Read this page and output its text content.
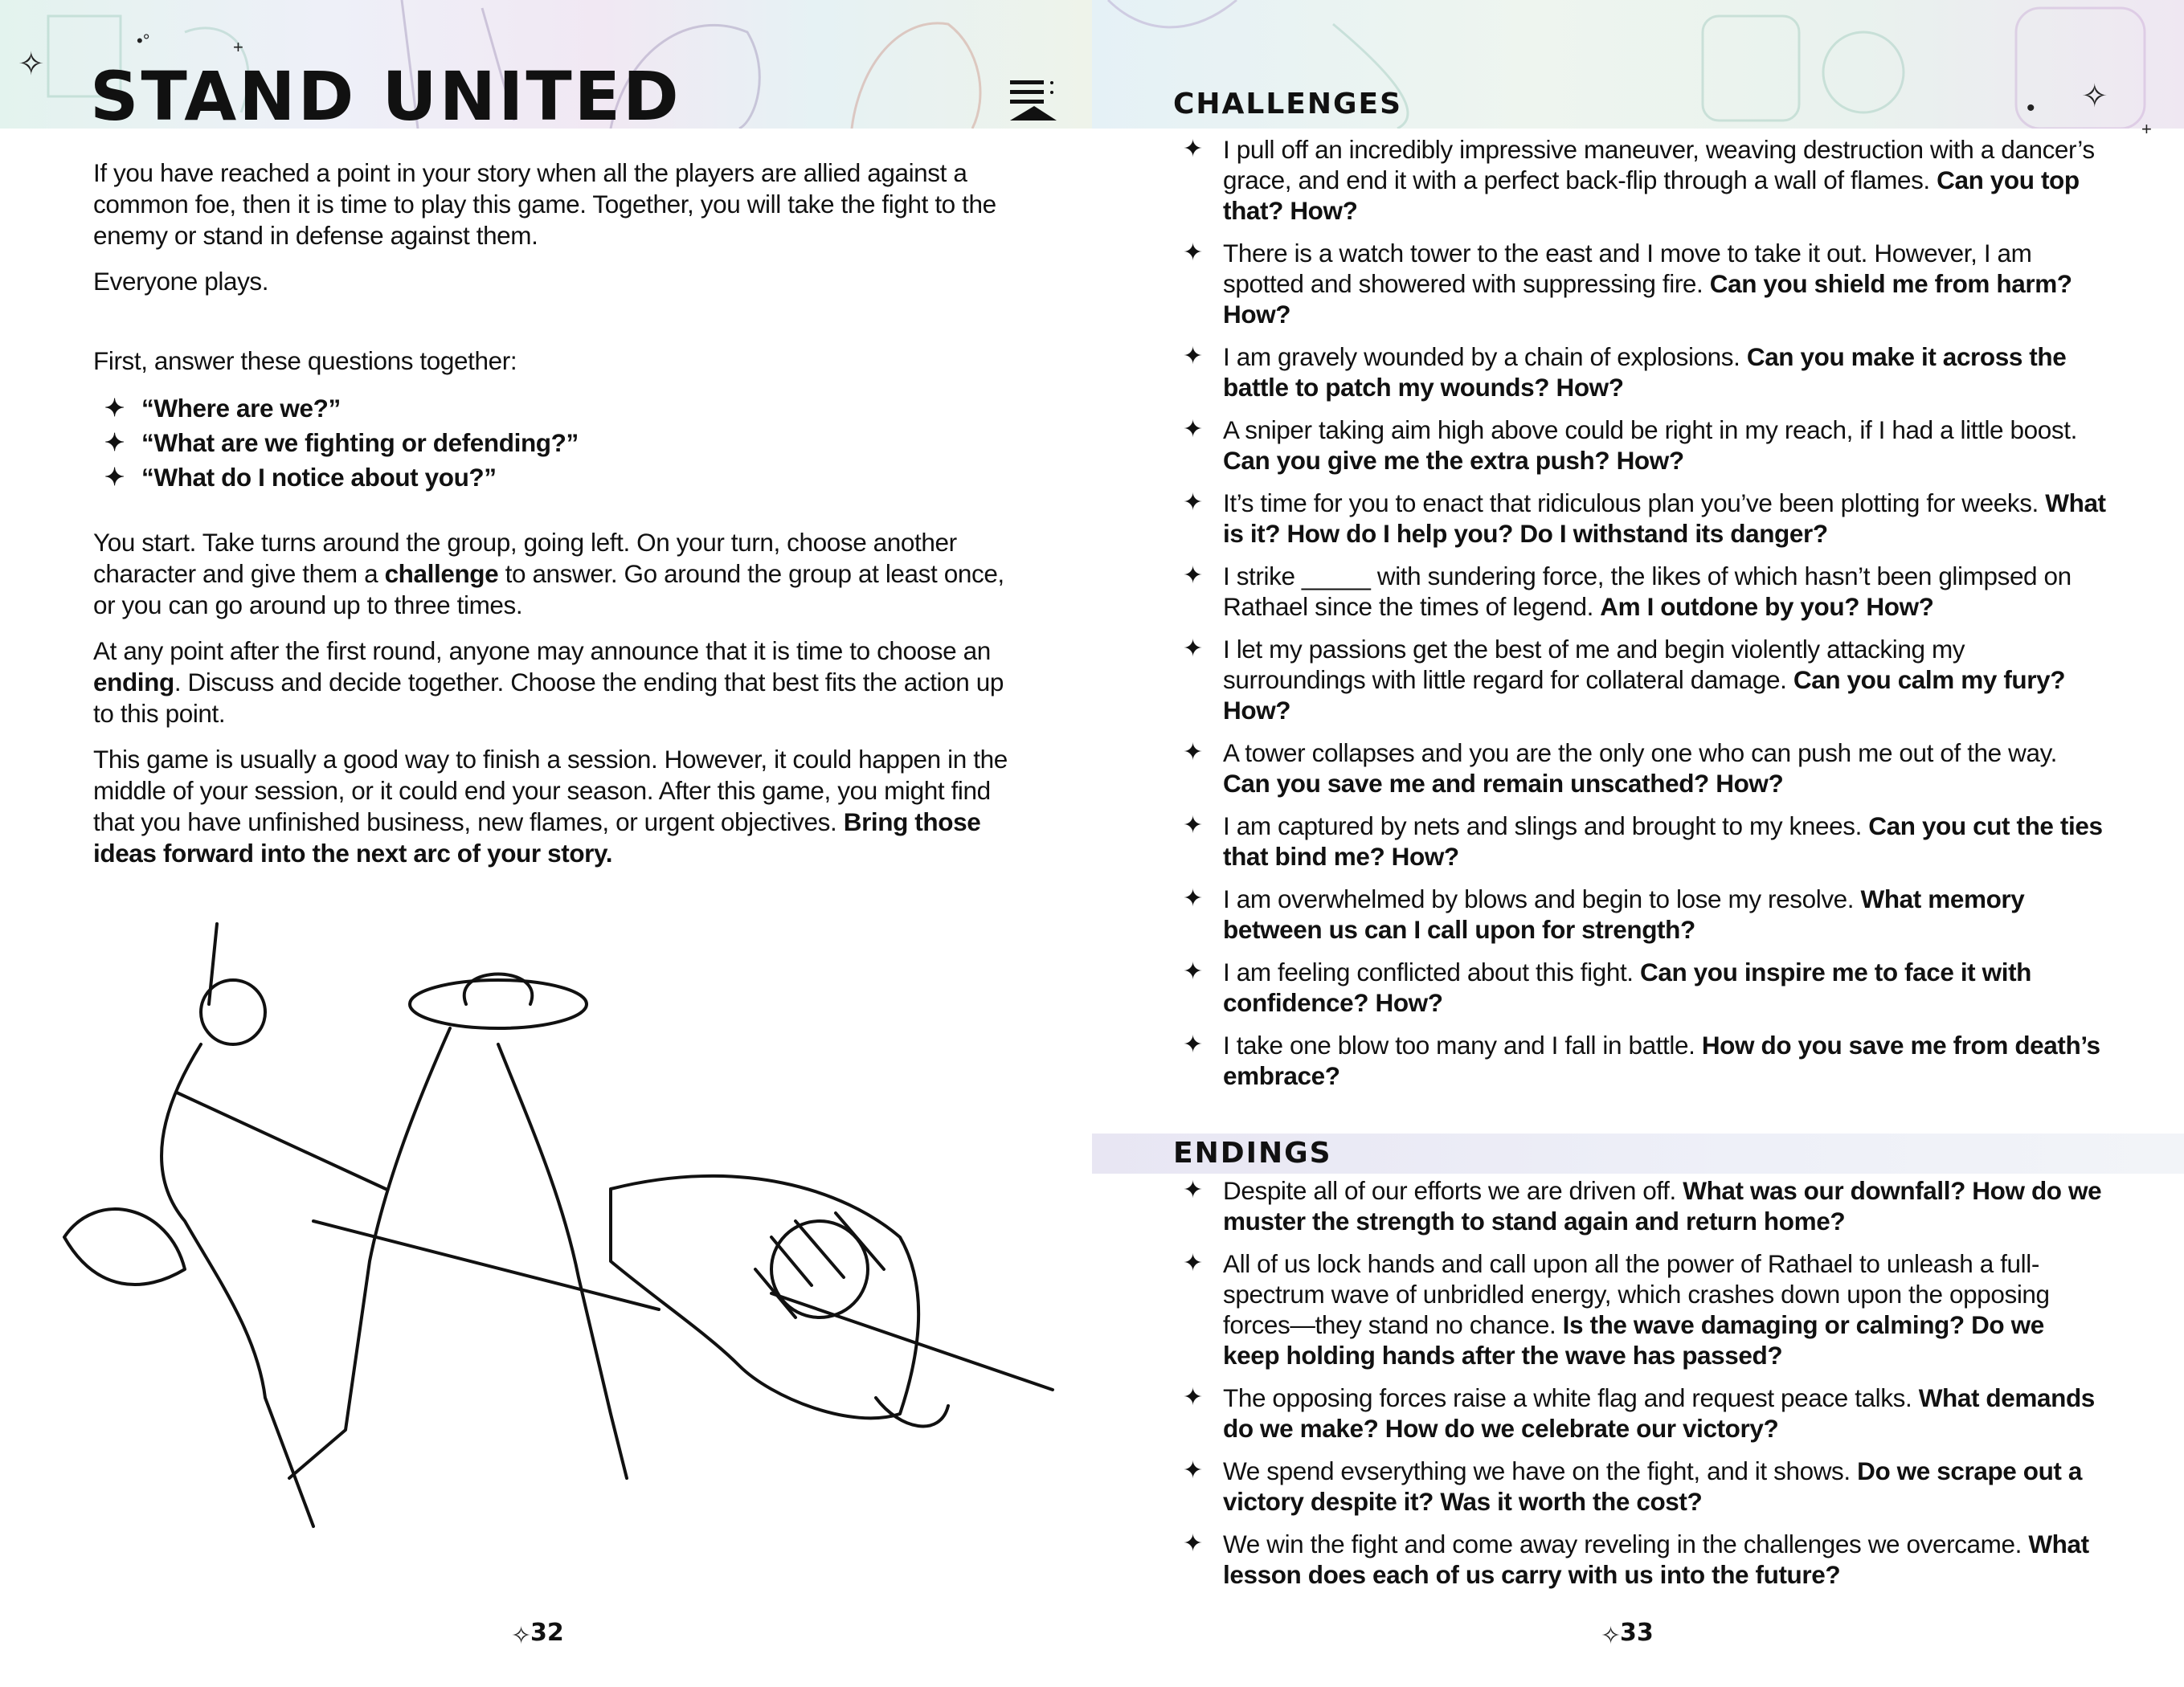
✧
•°	+
✧
•
+
STAND UNITED

If you have reached a point in your story when all the players are allied against a common foe, then it is time to play this game. Together, you will take the fight to the enemy or stand in defense against them.

Everyone plays.

First, answer these questions together:

✦ “Where are we?”
✦ “What are we fighting or defending?”
✦ “What do I notice about you?”

You start. Take turns around the group, going left. On your turn, choose another character and give them a challenge to answer. Go around the group at least once, or you can go around up to three times.

At any point after the first round, anyone may announce that it is time to choose an ending. Discuss and decide together. Choose the ending that best fits the action up to this point.

This game is usually a good way to finish a session. However, it could happen in the middle of your session, or it could end your season. After this game, you might find that you have unfinished business, new flames, or urgent objectives. Bring those ideas forward into the next arc of your story.

CHALLENGES
✦ I pull off an incredibly impressive maneuver, weaving destruction with a dancer’s grace, and end it with a perfect back-flip through a wall of flames. Can you top that? How?
✦ There is a watch tower to the east and I move to take it out. However, I am spotted and showered with suppressing fire. Can you shield me from harm? How?
✦ I am gravely wounded by a chain of explosions. Can you make it across the battle to patch my wounds? How?
✦ A sniper taking aim high above could be right in my reach, if I had a little boost. Can you give me the extra push? How?
✦ It’s time for you to enact that ridiculous plan you’ve been plotting for weeks. What is it? How do I help you? Do I withstand its danger?
✦ I strike _____ with sundering force, the likes of which hasn’t been glimpsed on Rathael since the times of legend. Am I outdone by you? How?
✦ I let my passions get the best of me and begin violently attacking my surroundings with little regard for collateral damage. Can you calm my fury? How?
✦ A tower collapses and you are the only one who can push me out of the way. Can you save me and remain unscathed? How?
✦ I am captured by nets and slings and brought to my knees. Can you cut the ties that bind me? How?
✦ I am overwhelmed by blows and begin to lose my resolve. What memory between us can I call upon for strength?
✦ I am feeling conflicted about this fight. Can you inspire me to face it with confidence? How?
✦ I take one blow too many and I fall in battle. How do you save me from death’s embrace?
ENDINGS
✦ Despite all of our efforts we are driven off. What was our downfall? How do we muster the strength to stand again and return home?
✦ All of us lock hands and call upon all the power of Rathael to unleash a full-spectrum wave of unbridled energy, which crashes down upon the opposing forces—they stand no chance. Is the wave damaging or calming? Do we keep holding hands after the wave has passed?
✦ The opposing forces raise a white flag and request peace talks. What demands do we make? How do we celebrate our victory?
✦ We spend evserything we have on the fight, and it shows. Do we scrape out a victory despite it? Was it worth the cost?
✦ We win the fight and come away reveling in the challenges we overcame. What lesson does each of us carry with us into the future?
✧
32	✧
33
